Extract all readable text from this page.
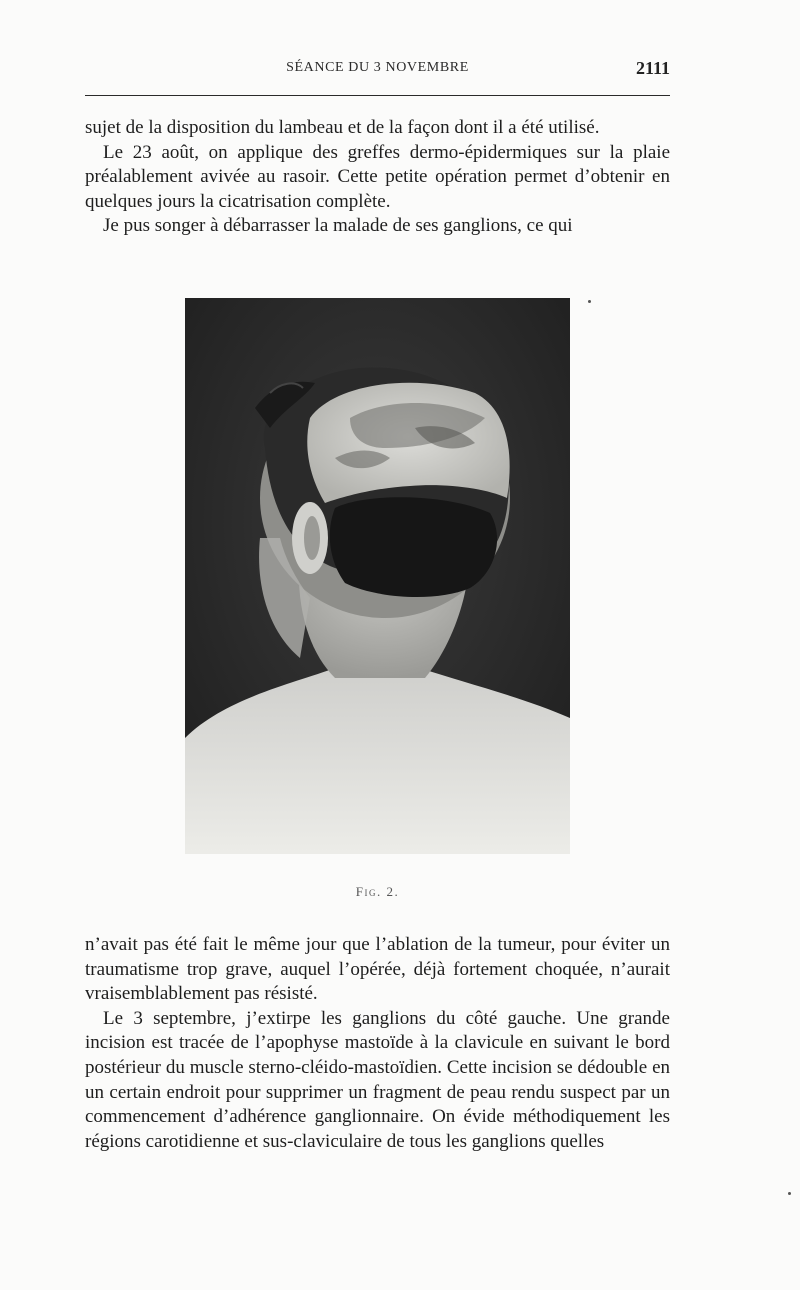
SÉANCE DU 3 NOVEMBRE	2111

sujet de la disposition du lambeau et de la façon dont il a été utilisé.

Le 23 août, on applique des greffes dermo-épidermiques sur la plaie préalablement avivée au rasoir. Cette petite opération permet d’obtenir en quelques jours la cicatrisation complète.

Je pus songer à débarrasser la malade de ses ganglions, ce qui

Fig. 2.

n’avait pas été fait le même jour que l’ablation de la tumeur, pour éviter un traumatisme trop grave, auquel l’opérée, déjà fortement choquée, n’aurait vraisemblablement pas résisté.

Le 3 septembre, j’extirpe les ganglions du côté gauche. Une grande incision est tracée de l’apophyse mastoïde à la clavicule en suivant le bord postérieur du muscle sterno-cléido-mastoïdien. Cette incision se dédouble en un certain endroit pour supprimer un fragment de peau rendu suspect par un commencement d’adhérence ganglionnaire. On évide méthodiquement les régions carotidienne et sus-claviculaire de tous les ganglions quelles
